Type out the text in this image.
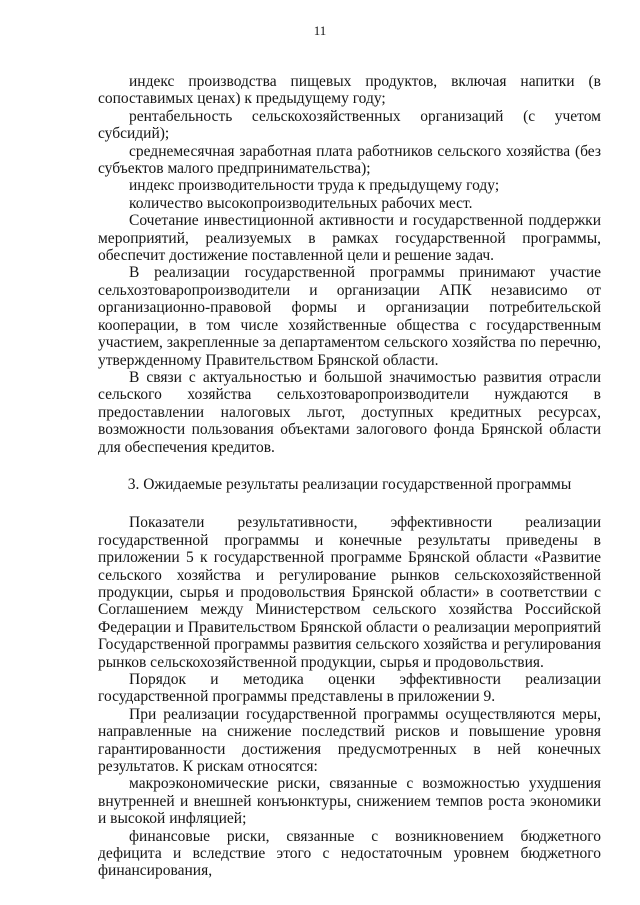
11

индекс производства пищевых продуктов, включая напитки (в сопоставимых ценах) к предыдущему году;

рентабельность сельскохозяйственных организаций (с учетом субсидий);

среднемесячная заработная плата работников сельского хозяйства (без субъектов малого предпринимательства);

индекс производительности труда к предыдущему году;

количество высокопроизводительных рабочих мест.

Сочетание инвестиционной активности и государственной поддержки мероприятий, реализуемых в рамках государственной программы, обеспечит достижение поставленной цели и решение задач.

В реализации государственной программы принимают участие сельхозтоваропроизводители и организации АПК независимо от организационно-правовой формы и организации потребительской кооперации, в том числе хозяйственные общества с государственным участием, закрепленные за департаментом сельского хозяйства по перечню, утвержденному Правительством Брянской области.

В связи с актуальностью и большой значимостью развития отрасли сельского хозяйства сельхозтоваропроизводители нуждаются в предоставлении налоговых льгот, доступных кредитных ресурсах, возможности пользования объектами залогового фонда Брянской области для обеспечения кредитов.

3. Ожидаемые результаты реализации государственной программы

Показатели результативности, эффективности реализации государственной программы и конечные результаты приведены в приложении 5 к государственной программе Брянской области «Развитие сельского хозяйства и регулирование рынков сельскохозяйственной продукции, сырья и продовольствия Брянской области» в соответствии с Соглашением между Министерством сельского хозяйства Российской Федерации и Правительством Брянской области о реализации мероприятий Государственной программы развития сельского хозяйства и регулирования рынков сельскохозяйственной продукции, сырья и продовольствия.

Порядок и методика оценки эффективности реализации государственной программы представлены в приложении 9.

При реализации государственной программы осуществляются меры, направленные на снижение последствий рисков и повышение уровня гарантированности достижения предусмотренных в ней конечных результатов. К рискам относятся:

макроэкономические риски, связанные с возможностью ухудшения внутренней и внешней конъюнктуры, снижением темпов роста экономики и высокой инфляцией;

финансовые риски, связанные с возникновением бюджетного дефицита и вследствие этого с недостаточным уровнем бюджетного финансирования,
